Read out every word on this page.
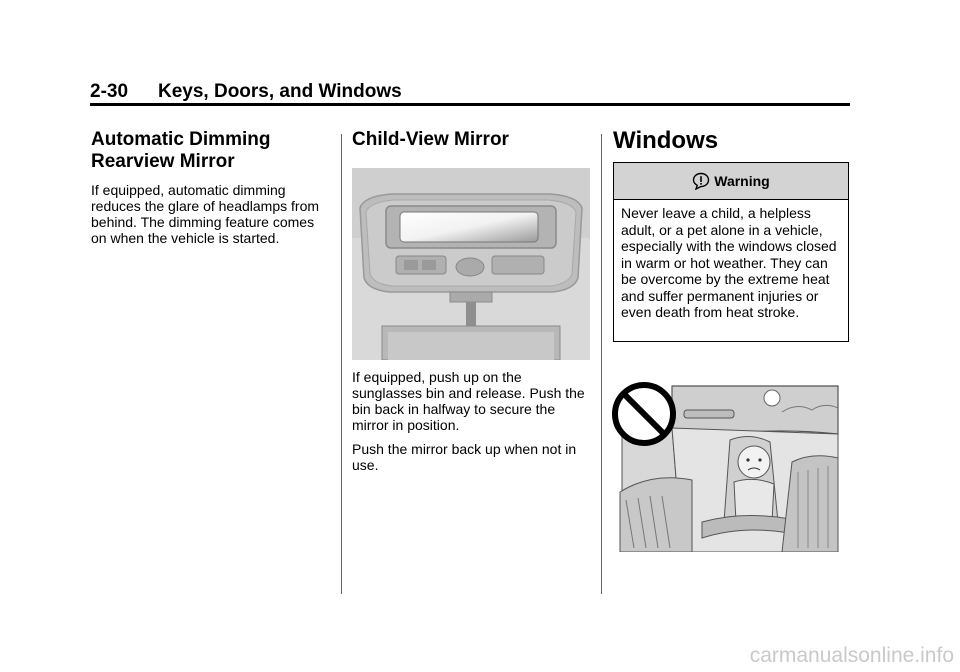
2-30 Keys, Doors, and Windows
Automatic Dimming Rearview Mirror

If equipped, automatic dimming reduces the glare of headlamps from behind. The dimming feature comes on when the vehicle is started.

Child-View Mirror

If equipped, push up on the sunglasses bin and release. Push the bin back in halfway to secure the mirror in position.

Push the mirror back up when not in use.

Windows
Warning
Never leave a child, a helpless adult, or a pet alone in a vehicle, especially with the windows closed in warm or hot weather. They can be overcome by the extreme heat and suffer permanent injuries or even death from heat stroke.
carmanualsonline.info
